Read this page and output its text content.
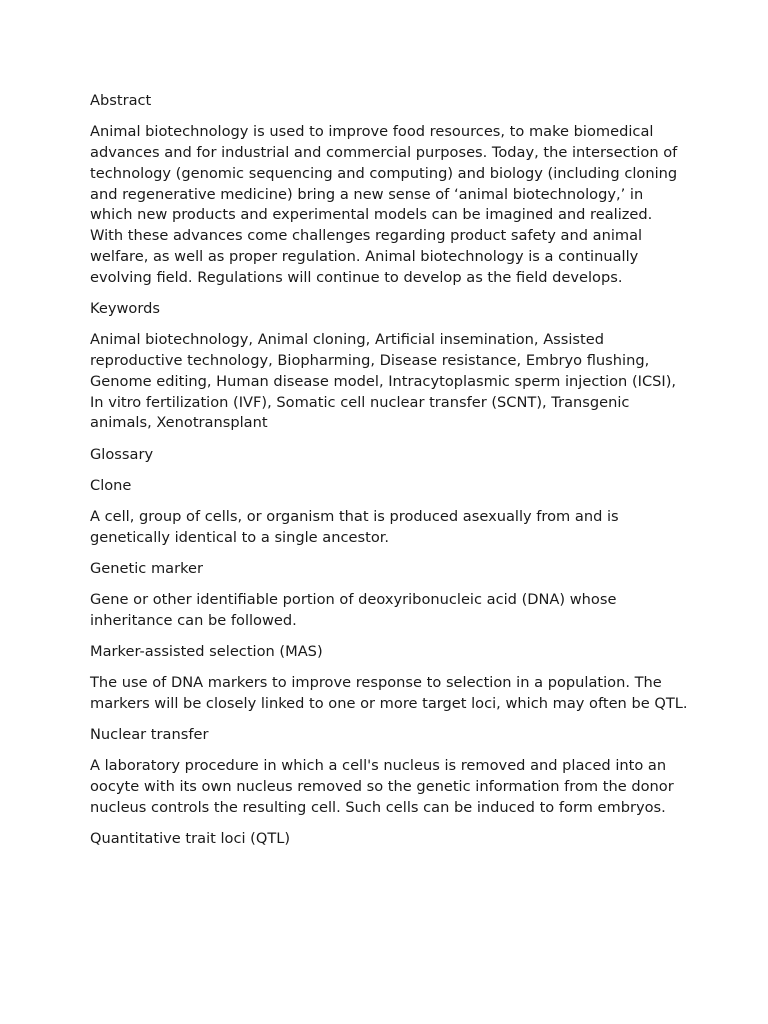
Abstract

Animal biotechnology is used to improve food resources, to make biomedical advances and for industrial and commercial purposes. Today, the intersection of technology (genomic sequencing and computing) and biology (including cloning and regenerative medicine) bring a new sense of ‘animal biotechnology,’ in which new products and experimental models can be imagined and realized. With these advances come challenges regarding product safety and animal welfare, as well as proper regulation. Animal biotechnology is a continually evolving field. Regulations will continue to develop as the field develops.

Keywords

Animal biotechnology, Animal cloning, Artificial insemination, Assisted reproductive technology, Biopharming, Disease resistance, Embryo flushing, Genome editing, Human disease model, Intracytoplasmic sperm injection (ICSI), In vitro fertilization (IVF), Somatic cell nuclear transfer (SCNT), Transgenic animals, Xenotransplant

Glossary

Clone

A cell, group of cells, or organism that is produced asexually from and is genetically identical to a single ancestor.

Genetic marker

Gene or other identifiable portion of deoxyribonucleic acid (DNA) whose inheritance can be followed.

Marker-assisted selection (MAS)

The use of DNA markers to improve response to selection in a population. The markers will be closely linked to one or more target loci, which may often be QTL.

Nuclear transfer

A laboratory procedure in which a cell's nucleus is removed and placed into an oocyte with its own nucleus removed so the genetic information from the donor nucleus controls the resulting cell. Such cells can be induced to form embryos.

Quantitative trait loci (QTL)
